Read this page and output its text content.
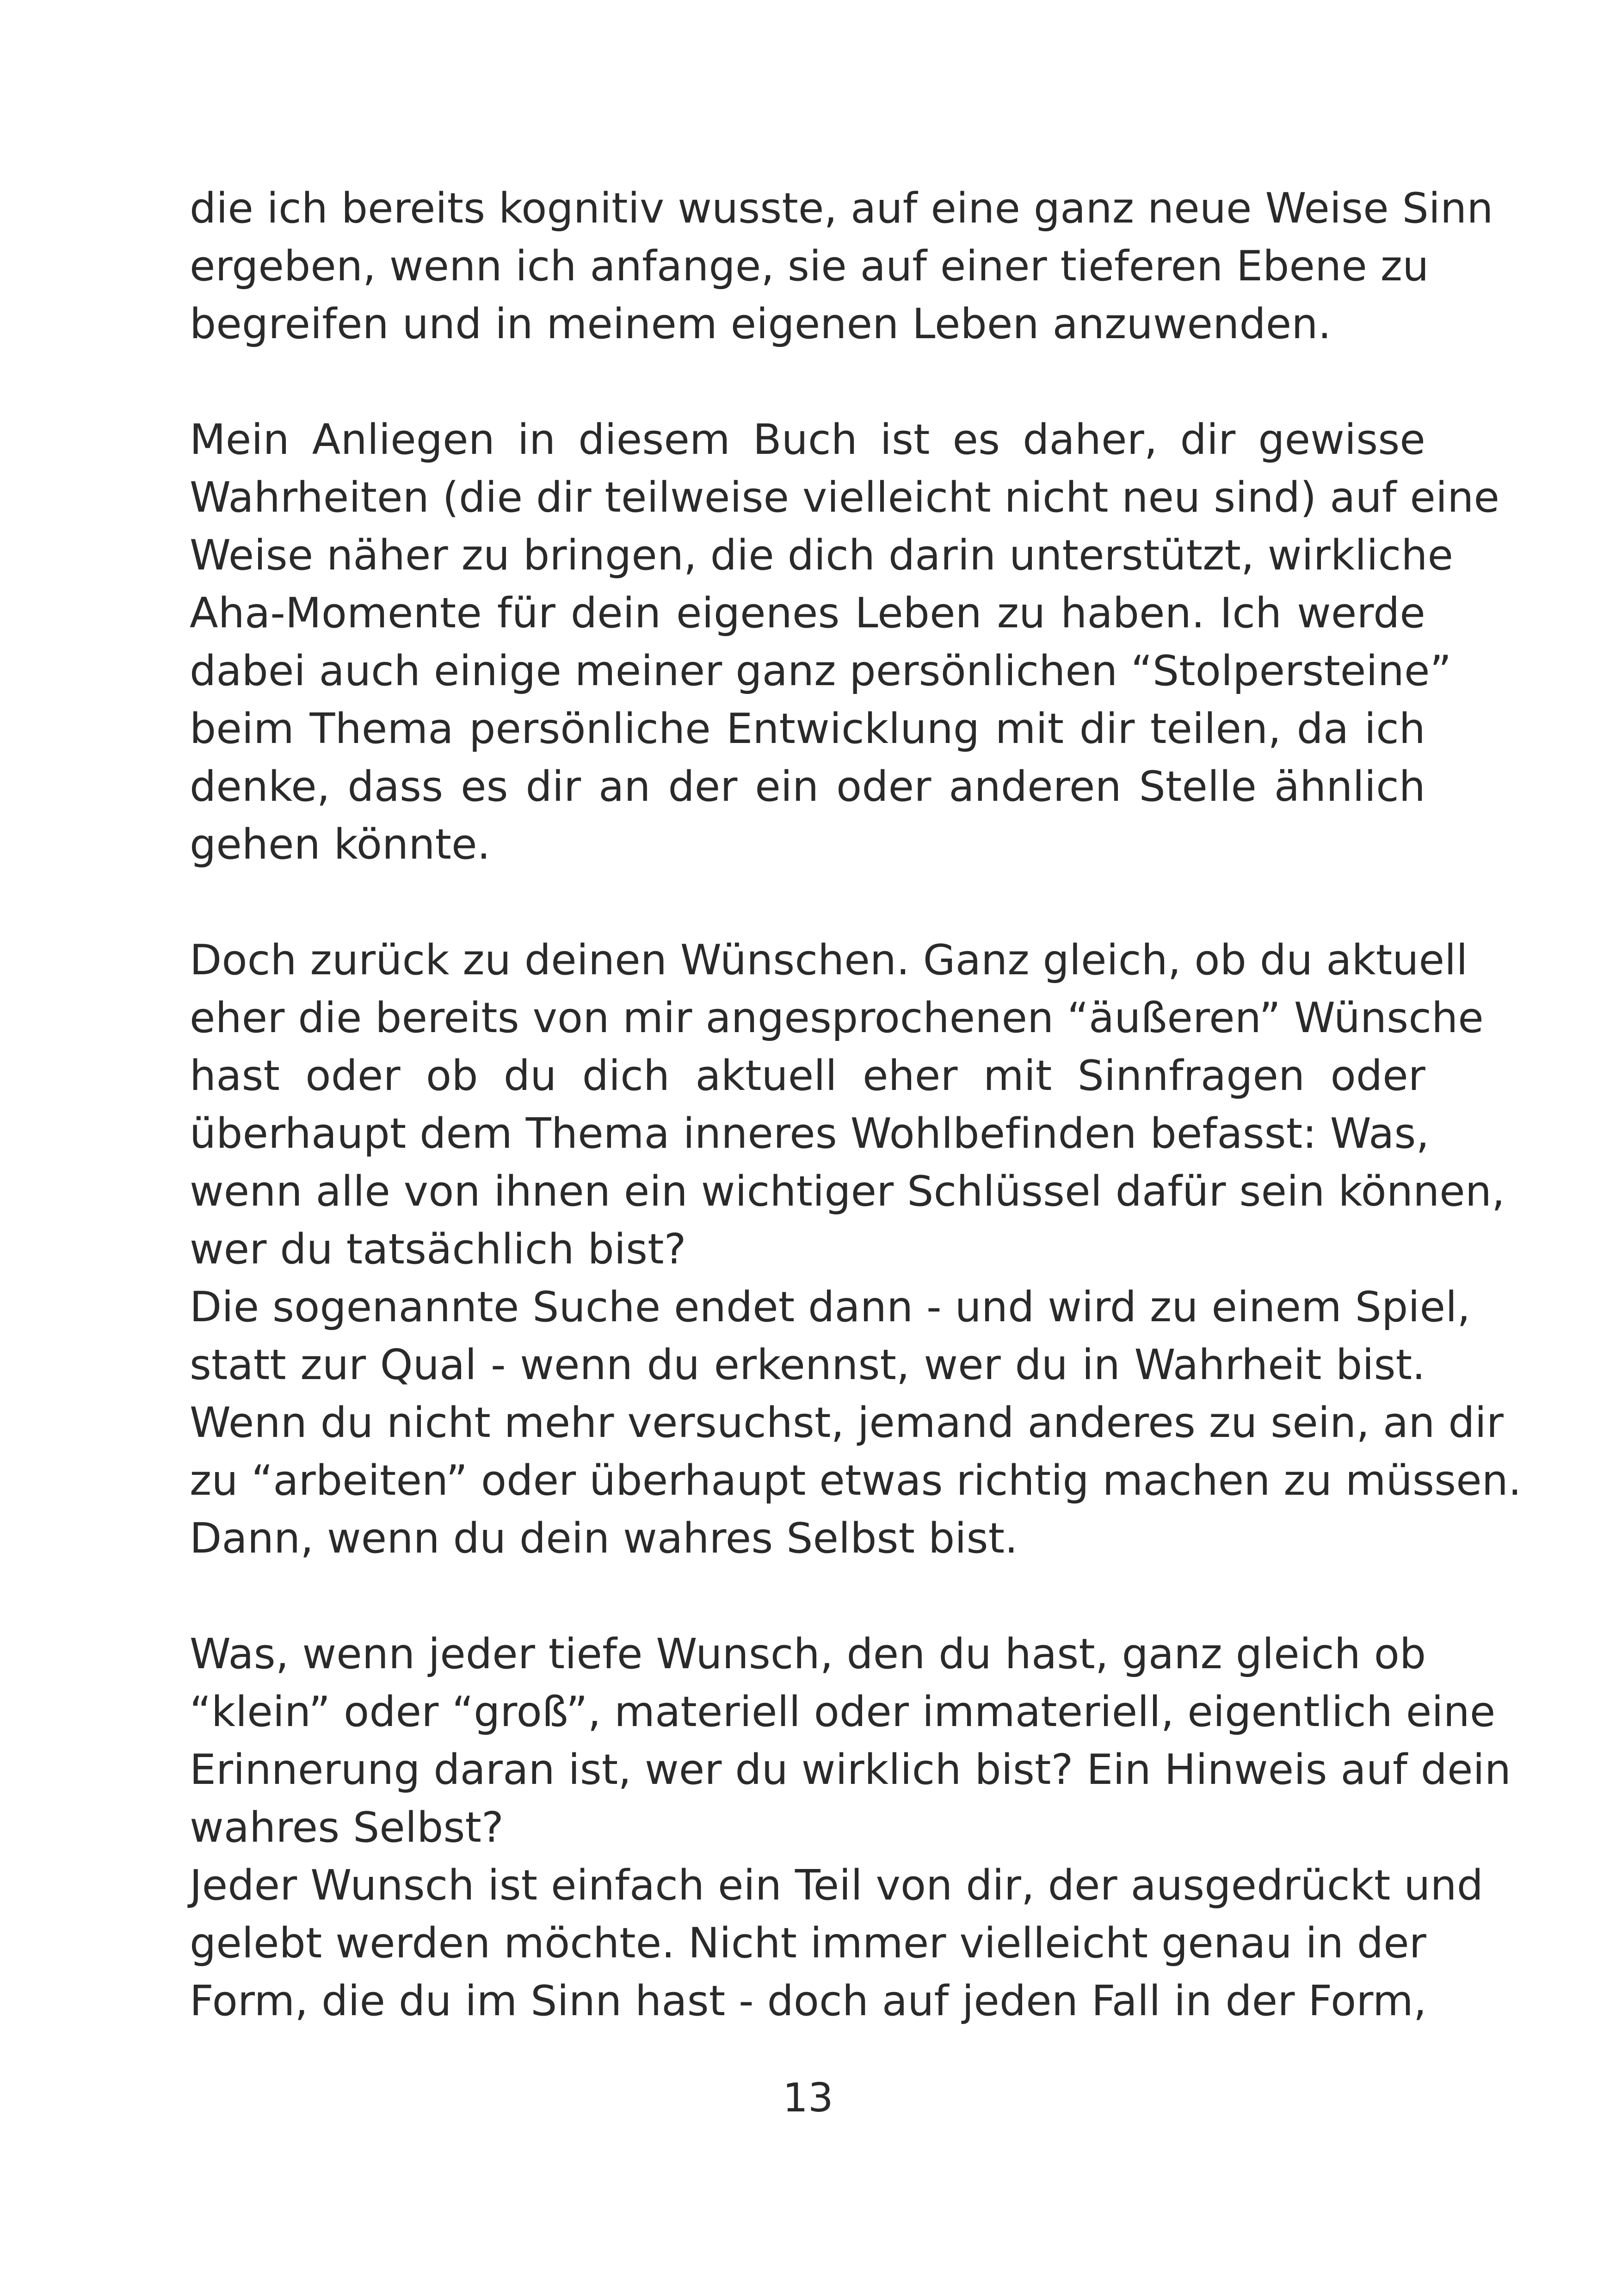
die ich bereits kognitiv wusste, auf eine ganz neue Weise Sinn
ergeben, wenn ich anfange, sie auf einer tieferen Ebene zu
begreifen und in meinem eigenen Leben anzuwenden.
Mein Anliegen in diesem Buch ist es daher, dir gewisse
Wahrheiten (die dir teilweise vielleicht nicht neu sind) auf eine
Weise näher zu bringen, die dich darin unterstützt, wirkliche
Aha-Momente für dein eigenes Leben zu haben. Ich werde
dabei auch einige meiner ganz persönlichen “Stolpersteine”
beim Thema persönliche Entwicklung mit dir teilen, da ich
denke, dass es dir an der ein oder anderen Stelle ähnlich
gehen könnte.
Doch zurück zu deinen Wünschen. Ganz gleich, ob du aktuell
eher die bereits von mir angesprochenen “äußeren” Wünsche
hast oder ob du dich aktuell eher mit Sinnfragen oder
überhaupt dem Thema inneres Wohlbefinden befasst: Was,
wenn alle von ihnen ein wichtiger Schlüssel dafür sein können,
wer du tatsächlich bist?
Die sogenannte Suche endet dann - und wird zu einem Spiel,
statt zur Qual - wenn du erkennst, wer du in Wahrheit bist.
Wenn du nicht mehr versuchst, jemand anderes zu sein, an dir
zu “arbeiten” oder überhaupt etwas richtig machen zu müssen.
Dann, wenn du dein wahres Selbst bist.
Was, wenn jeder tiefe Wunsch, den du hast, ganz gleich ob
“klein” oder “groß”, materiell oder immateriell, eigentlich eine
Erinnerung daran ist, wer du wirklich bist? Ein Hinweis auf dein
wahres Selbst?
Jeder Wunsch ist einfach ein Teil von dir, der ausgedrückt und
gelebt werden möchte. Nicht immer vielleicht genau in der
Form, die du im Sinn hast - doch auf jeden Fall in der Form,
13
